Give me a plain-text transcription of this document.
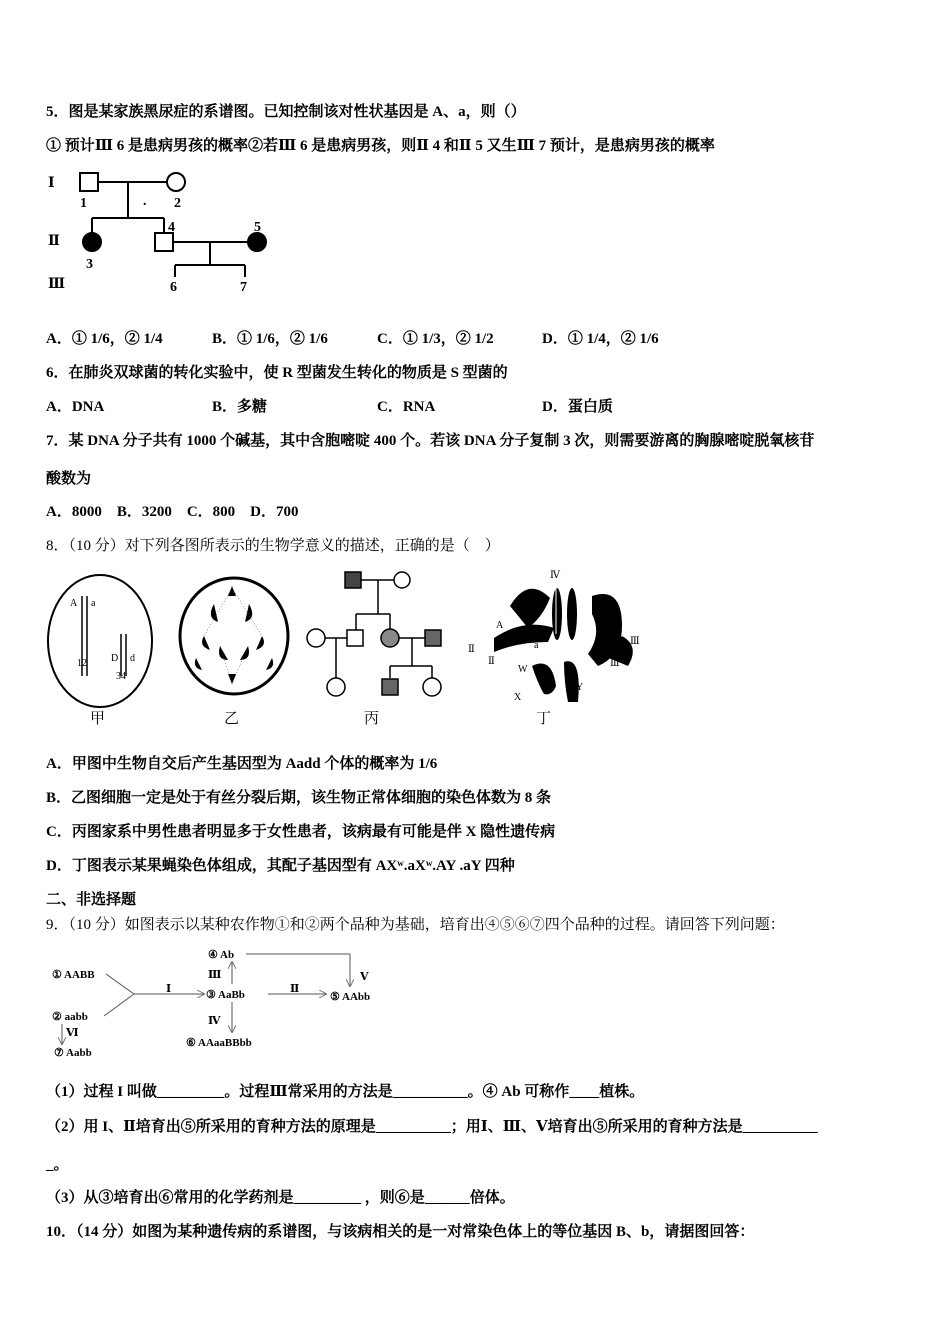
5．图是某家族黑尿症的系谱图。已知控制该对性状基因是 A、a，则（）
① 预计Ⅲ 6 是患病男孩的概率②若Ⅲ 6 是患病男孩，则Ⅱ 4 和Ⅱ 5 又生Ⅲ 7 预计，是患病男孩的概率
Ⅰ
Ⅱ
Ⅲ
1	2
.
3
4	5
6	7
A．① 1/6，② 1/4	B．① 1/6，② 1/6	C．① 1/3，② 1/2	D．① 1/4，② 1/6
6．在肺炎双球菌的转化实验中，使 R 型菌发生转化的物质是 S 型菌的
A．DNA	B．多糖	C．RNA	D．蛋白质
7．某 DNA 分子共有 1000 个碱基，其中含胞嘧啶 400 个。若该 DNA 分子复制 3 次，则需要游离的胸腺嘧啶脱氧核苷
酸数为
A．8000　B．3200　C．800　D．700
8．（10 分）对下列各图所表示的生物学意义的描述，正确的是（　）
A a
12 D d
34
甲	乙	丙
Ⅳ
A
a
Ⅱ
Ⅱ
Ⅲ
Ⅲ
W
X
Y
丁
A．甲图中生物自交后产生基因型为 Aadd 个体的概率为 1/6
B．乙图细胞一定是处于有丝分裂后期，该生物正常体细胞的染色体数为 8 条
C．丙图家系中男性患者明显多于女性患者，该病最有可能是伴 X 隐性遗传病
D．丁图表示某果蝇染色体组成，其配子基因型有 AXʷ.aXʷ.AY .aY 四种
二、非选择题
9．（10 分）如图表示以某种农作物①和②两个品种为基础，培育出④⑤⑥⑦四个品种的过程。请回答下列问题：
① AABB
② aabb
③ AaBb
④ Ab
⑤ AAbb
⑥ AAaaBBbb
⑦ Aabb
Ⅰ	Ⅱ
Ⅲ
Ⅳ
Ⅴ
Ⅵ
（1）过程 I 叫做_________。过程Ⅲ常采用的方法是__________。④ Ab 可称作____植株。
（2）用 I、Ⅱ培育出⑤所采用的育种方法的原理是__________；用Ⅰ、Ⅲ、Ⅴ培育出⑤所采用的育种方法是__________
_。
（3）从③培育出⑥常用的化学药剂是_________ ，则⑥是______倍体。
10．（14 分）如图为某种遗传病的系谱图，与该病相关的是一对常染色体上的等位基因 B、b，请据图回答：
